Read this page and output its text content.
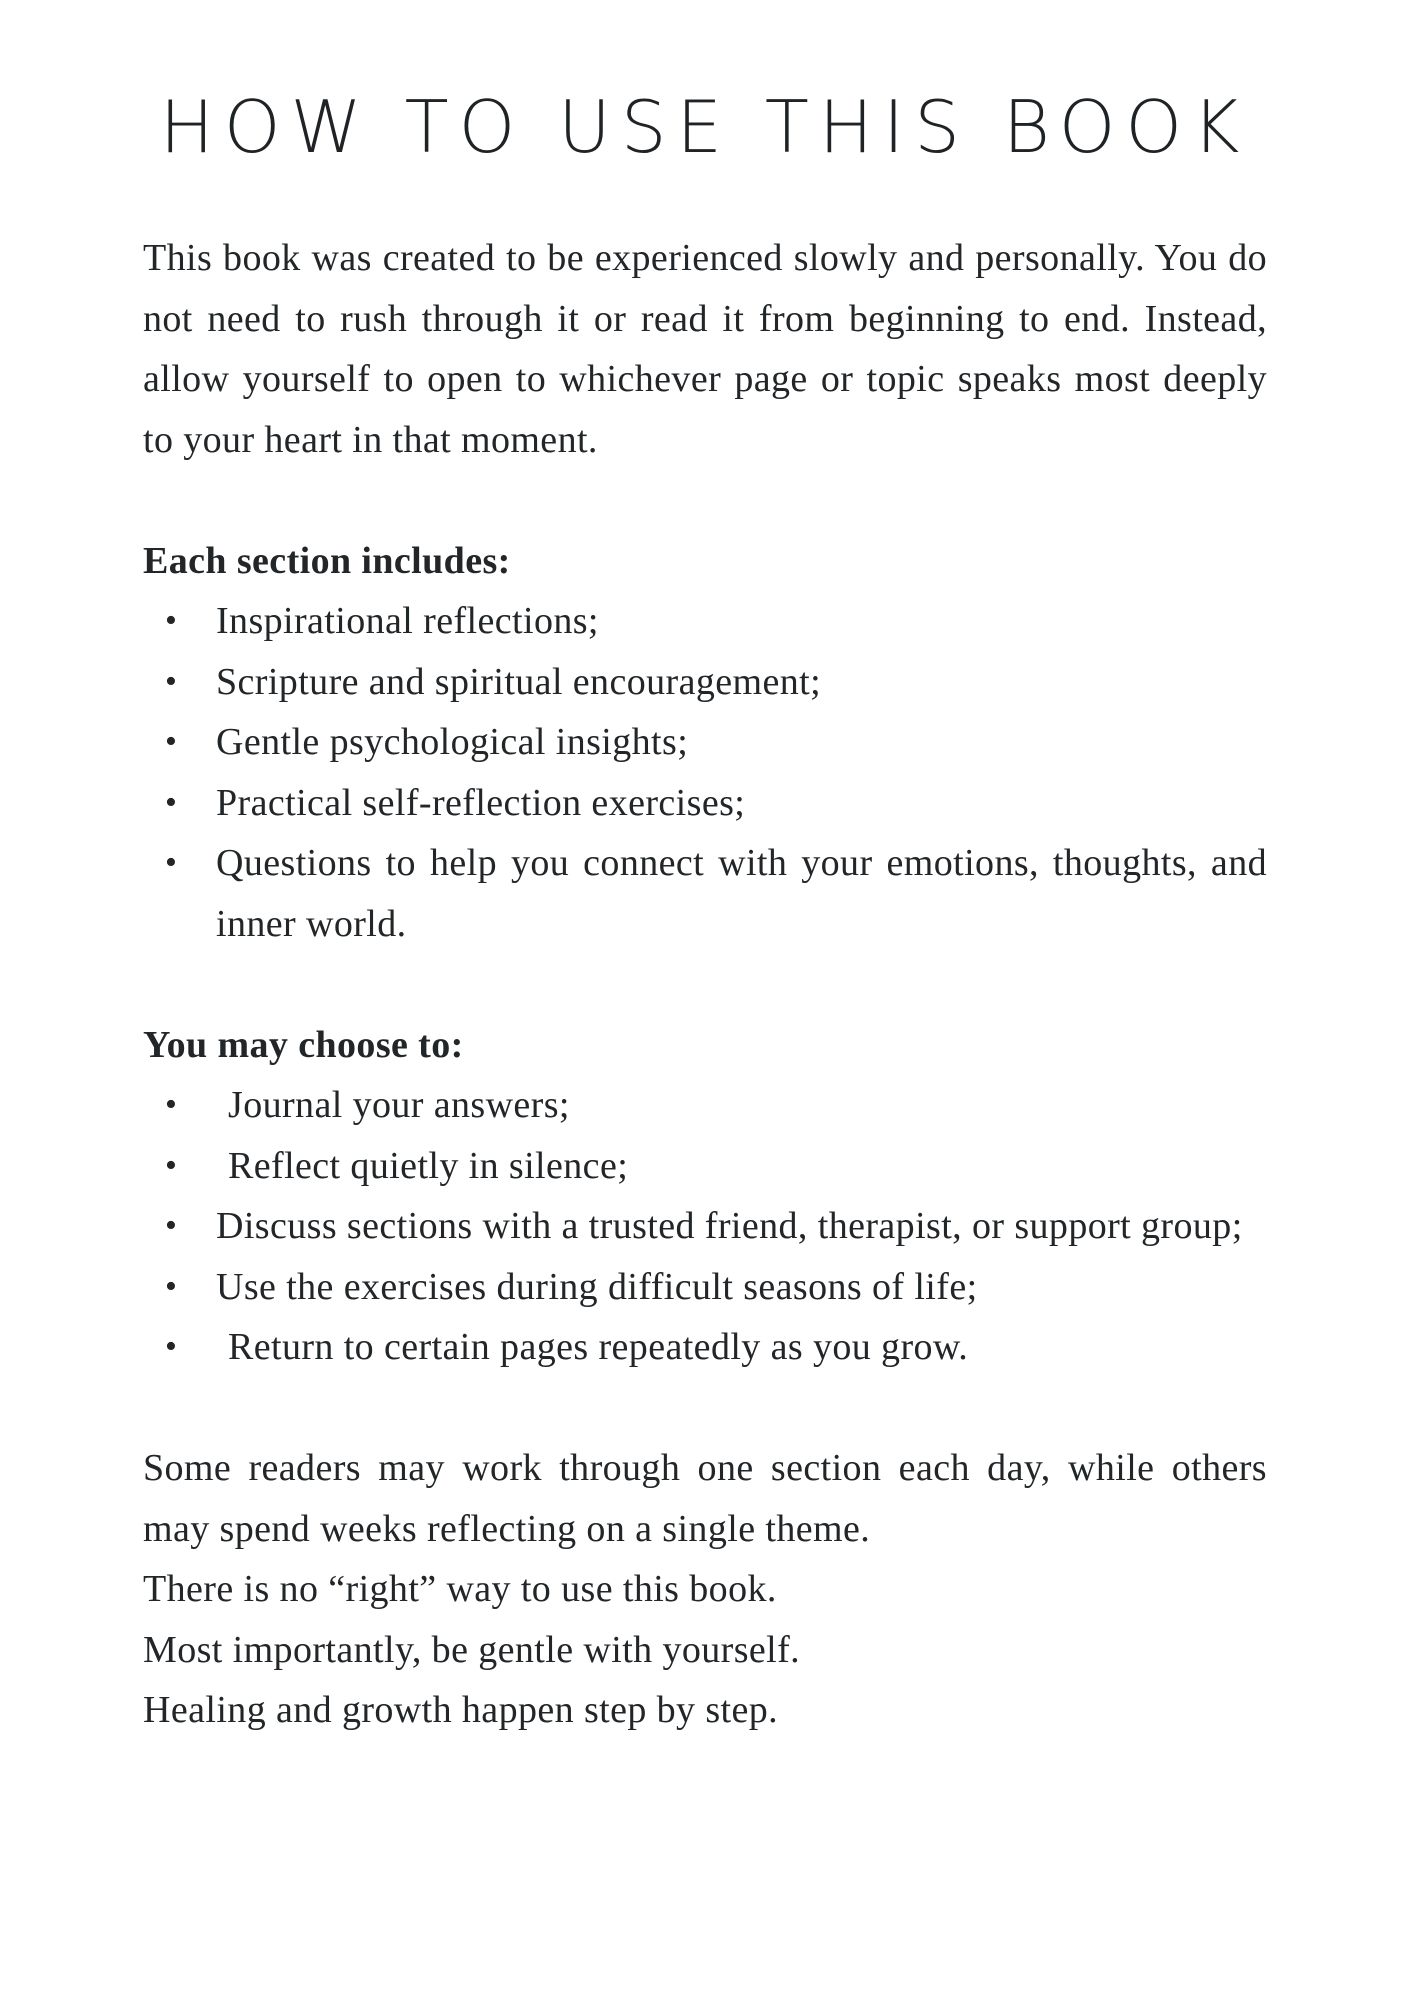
HOW TO USE THIS BOOK

This book was created to be experienced slowly and personally. You do not need to rush through it or read it from beginning to end. Instead, allow yourself to open to whichever page or topic speaks most deeply to your heart in that moment.

Each section includes:

• Inspirational reflections;
• Scripture and spiritual encouragement;
• Gentle psychological insights;
• Practical self-reflection exercises;
• Questions to help you connect with your emotions, thoughts, and inner world.

You may choose to:

• Journal your answers;
• Reflect quietly in silence;
• Discuss sections with a trusted friend, therapist, or support group;
• Use the exercises during difficult seasons of life;
• Return to certain pages repeatedly as you grow.

Some readers may work through one section each day, while others may spend weeks reflecting on a single theme.

There is no “right” way to use this book.
Most importantly, be gentle with yourself.
Healing and growth happen step by step.
